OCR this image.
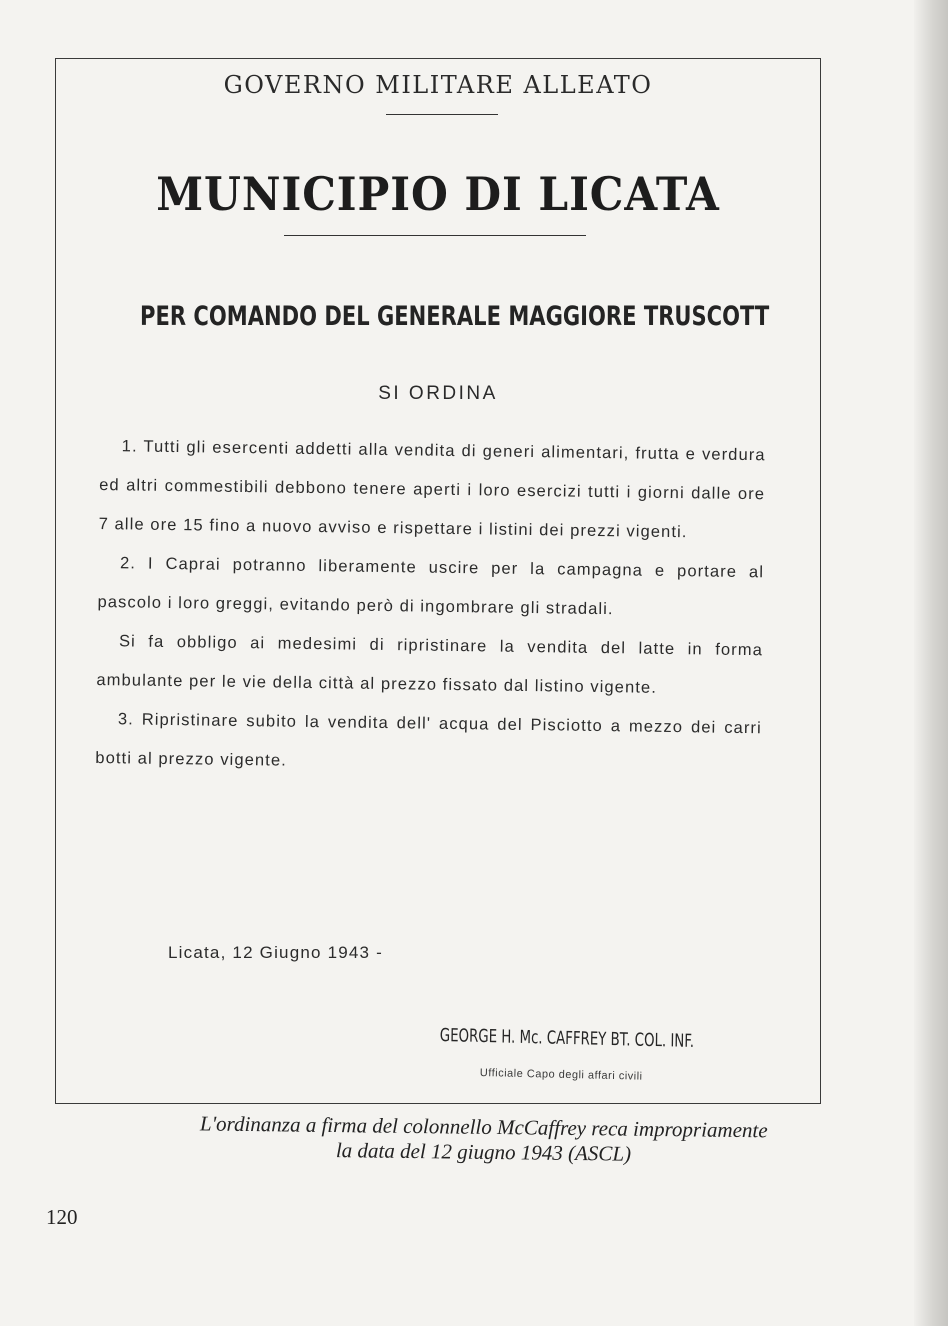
GOVERNO MILITARE ALLEATO
MUNICIPIO DI LICATA
PER COMANDO DEL GENERALE MAGGIORE TRUSCOTT
SI ORDINA

1. Tutti gli esercenti addetti alla vendita di generi alimentari, frutta e verdura ed altri commestibili debbono tenere aperti i loro esercizi tutti i giorni dalle ore 7 alle ore 15 fino a nuovo avviso e rispettare i listini dei prezzi vigenti.

2. I Caprai potranno liberamente uscire per la campagna e portare al pascolo i loro greggi, evitando però di ingombrare gli stradali.

Si fa obbligo ai medesimi di ripristinare la vendita del latte in forma ambulante per le vie della città al prezzo fissato dal listino vigente.

3. Ripristinare subito la vendita dell' acqua del Pisciotto a mezzo dei carri botti al prezzo vigente.

Licata, 12 Giugno 1943 -
GEORGE H. Mc. CAFFREY BT. COL. INF.
Ufficiale Capo degli affari civili
L'ordinanza a firma del colonnello McCaffrey reca impropriamente
la data del 12 giugno 1943 (ASCL)
120
